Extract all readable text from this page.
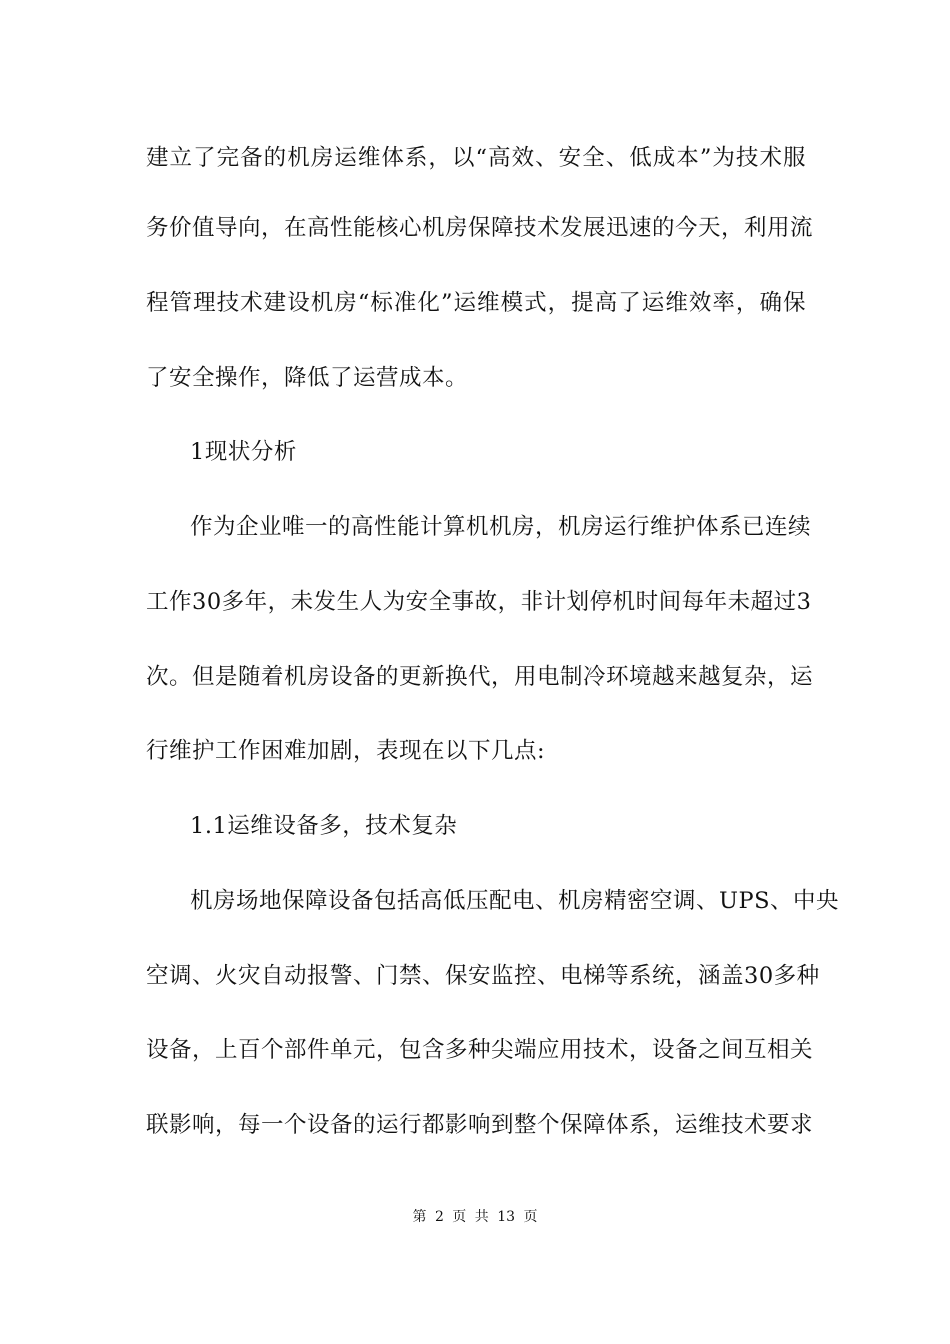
建立了完备的机房运维体系，以“高效、安全、低成本”为技术服
务价值导向，在高性能核心机房保障技术发展迅速的今天，利用流
程管理技术建设机房“标准化”运维模式，提高了运维效率，确保
了安全操作，降低了运营成本。
1现状分析
作为企业唯一的高性能计算机机房，机房运行维护体系已连续
工作30多年，未发生人为安全事故，非计划停机时间每年未超过3
次。但是随着机房设备的更新换代，用电制冷环境越来越复杂，运
行维护工作困难加剧，表现在以下几点:
1.1运维设备多，技术复杂
机房场地保障设备包括高低压配电、机房精密空调、UPS、中央
空调、火灾自动报警、门禁、保安监控、电梯等系统，涵盖30多种
设备，上百个部件单元，包含多种尖端应用技术，设备之间互相关
联影响，每一个设备的运行都影响到整个保障体系，运维技术要求
第 2 页 共 13 页
